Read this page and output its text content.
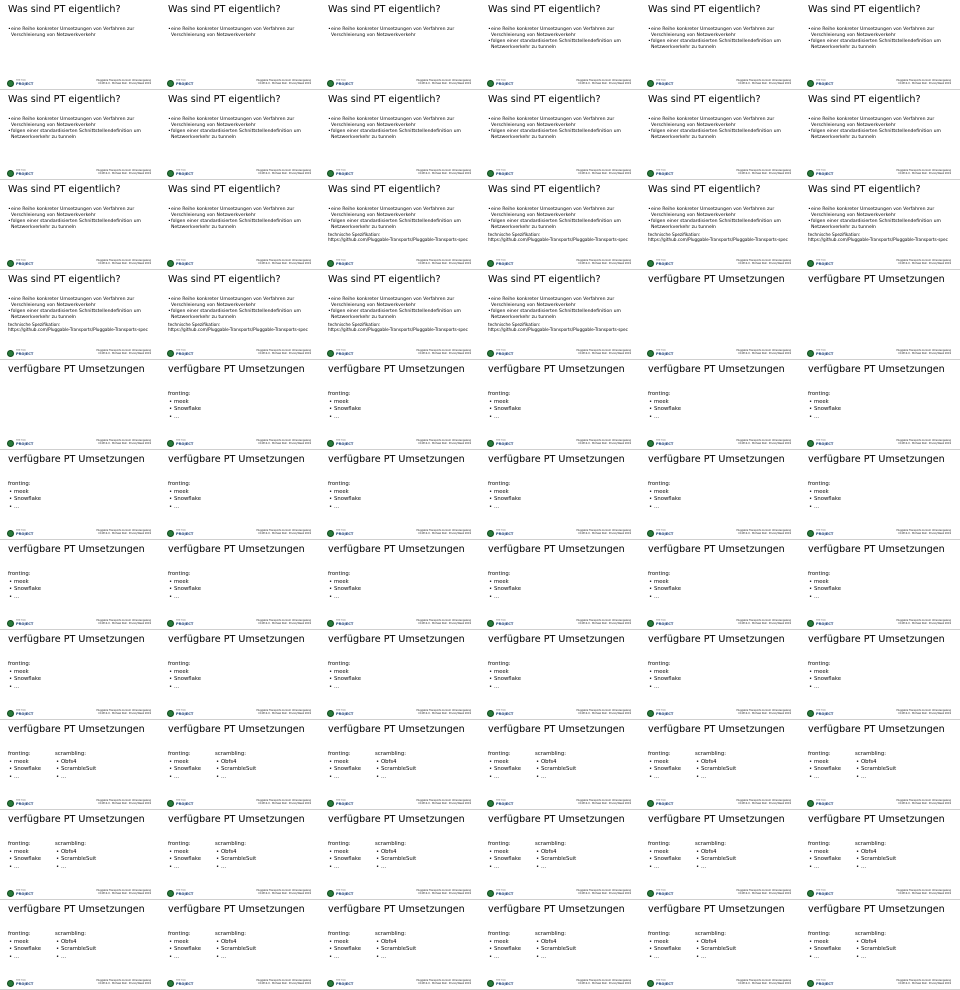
Was sind PT eigentlich?
• eine Reihe konkreter Umsetzungen von Verfahren zur Verschleierung von Netzwerkverkehr
THE TOR
PROJECT
Pluggable Transports kurzum Umsozengeleng
CC-BY-4.0 · Michael Pelz · PrivacyWeek 2019
Was sind PT eigentlich?
• eine Reihe konkreter Umsetzungen von Verfahren zur Verschleierung von Netzwerkverkehr
THE TOR
PROJECT
Pluggable Transports kurzum Umsozengeleng
CC-BY-4.0 · Michael Pelz · PrivacyWeek 2019
Was sind PT eigentlich?
• eine Reihe konkreter Umsetzungen von Verfahren zur Verschleierung von Netzwerkverkehr
THE TOR
PROJECT
Pluggable Transports kurzum Umsozengeleng
CC-BY-4.0 · Michael Pelz · PrivacyWeek 2019
Was sind PT eigentlich?
• eine Reihe konkreter Umsetzungen von Verfahren zur Verschleierung von Netzwerkverkehr
• folgen einer standardisierten Schnittstellendefinition um Netzwerkverkehr zu tunneln
THE TOR
PROJECT
Pluggable Transports kurzum Umsozengeleng
CC-BY-4.0 · Michael Pelz · PrivacyWeek 2019
Was sind PT eigentlich?
• eine Reihe konkreter Umsetzungen von Verfahren zur Verschleierung von Netzwerkverkehr
• folgen einer standardisierten Schnittstellendefinition um Netzwerkverkehr zu tunneln
THE TOR
PROJECT
Pluggable Transports kurzum Umsozengeleng
CC-BY-4.0 · Michael Pelz · PrivacyWeek 2019
Was sind PT eigentlich?
• eine Reihe konkreter Umsetzungen von Verfahren zur Verschleierung von Netzwerkverkehr
• folgen einer standardisierten Schnittstellendefinition um Netzwerkverkehr zu tunneln
THE TOR
PROJECT
Pluggable Transports kurzum Umsozengeleng
CC-BY-4.0 · Michael Pelz · PrivacyWeek 2019
Was sind PT eigentlich?
• eine Reihe konkreter Umsetzungen von Verfahren zur Verschleierung von Netzwerkverkehr
• folgen einer standardisierten Schnittstellendefinition um Netzwerkverkehr zu tunneln
THE TOR
PROJECT
Pluggable Transports kurzum Umsozengeleng
CC-BY-4.0 · Michael Pelz · PrivacyWeek 2019
Was sind PT eigentlich?
• eine Reihe konkreter Umsetzungen von Verfahren zur Verschleierung von Netzwerkverkehr
• folgen einer standardisierten Schnittstellendefinition um Netzwerkverkehr zu tunneln
THE TOR
PROJECT
Pluggable Transports kurzum Umsozengeleng
CC-BY-4.0 · Michael Pelz · PrivacyWeek 2019
Was sind PT eigentlich?
• eine Reihe konkreter Umsetzungen von Verfahren zur Verschleierung von Netzwerkverkehr
• folgen einer standardisierten Schnittstellendefinition um Netzwerkverkehr zu tunneln
THE TOR
PROJECT
Pluggable Transports kurzum Umsozengeleng
CC-BY-4.0 · Michael Pelz · PrivacyWeek 2019
Was sind PT eigentlich?
• eine Reihe konkreter Umsetzungen von Verfahren zur Verschleierung von Netzwerkverkehr
• folgen einer standardisierten Schnittstellendefinition um Netzwerkverkehr zu tunneln
THE TOR
PROJECT
Pluggable Transports kurzum Umsozengeleng
CC-BY-4.0 · Michael Pelz · PrivacyWeek 2019
Was sind PT eigentlich?
• eine Reihe konkreter Umsetzungen von Verfahren zur Verschleierung von Netzwerkverkehr
• folgen einer standardisierten Schnittstellendefinition um Netzwerkverkehr zu tunneln
THE TOR
PROJECT
Pluggable Transports kurzum Umsozengeleng
CC-BY-4.0 · Michael Pelz · PrivacyWeek 2019
Was sind PT eigentlich?
• eine Reihe konkreter Umsetzungen von Verfahren zur Verschleierung von Netzwerkverkehr
• folgen einer standardisierten Schnittstellendefinition um Netzwerkverkehr zu tunneln
THE TOR
PROJECT
Pluggable Transports kurzum Umsozengeleng
CC-BY-4.0 · Michael Pelz · PrivacyWeek 2019
Was sind PT eigentlich?
• eine Reihe konkreter Umsetzungen von Verfahren zur Verschleierung von Netzwerkverkehr
• folgen einer standardisierten Schnittstellendefinition um Netzwerkverkehr zu tunneln
THE TOR
PROJECT
Pluggable Transports kurzum Umsozengeleng
CC-BY-4.0 · Michael Pelz · PrivacyWeek 2019
Was sind PT eigentlich?
• eine Reihe konkreter Umsetzungen von Verfahren zur Verschleierung von Netzwerkverkehr
• folgen einer standardisierten Schnittstellendefinition um Netzwerkverkehr zu tunneln
THE TOR
PROJECT
Pluggable Transports kurzum Umsozengeleng
CC-BY-4.0 · Michael Pelz · PrivacyWeek 2019
Was sind PT eigentlich?
• eine Reihe konkreter Umsetzungen von Verfahren zur Verschleierung von Netzwerkverkehr
• folgen einer standardisierten Schnittstellendefinition um Netzwerkverkehr zu tunneln
technische Spezifikation:
https://github.com/Pluggable-Transports/Pluggable-Transports-spec
THE TOR
PROJECT
Pluggable Transports kurzum Umsozengeleng
CC-BY-4.0 · Michael Pelz · PrivacyWeek 2019
Was sind PT eigentlich?
• eine Reihe konkreter Umsetzungen von Verfahren zur Verschleierung von Netzwerkverkehr
• folgen einer standardisierten Schnittstellendefinition um Netzwerkverkehr zu tunneln
technische Spezifikation:
https://github.com/Pluggable-Transports/Pluggable-Transports-spec
THE TOR
PROJECT
Pluggable Transports kurzum Umsozengeleng
CC-BY-4.0 · Michael Pelz · PrivacyWeek 2019
Was sind PT eigentlich?
• eine Reihe konkreter Umsetzungen von Verfahren zur Verschleierung von Netzwerkverkehr
• folgen einer standardisierten Schnittstellendefinition um Netzwerkverkehr zu tunneln
technische Spezifikation:
https://github.com/Pluggable-Transports/Pluggable-Transports-spec
THE TOR
PROJECT
Pluggable Transports kurzum Umsozengeleng
CC-BY-4.0 · Michael Pelz · PrivacyWeek 2019
Was sind PT eigentlich?
• eine Reihe konkreter Umsetzungen von Verfahren zur Verschleierung von Netzwerkverkehr
• folgen einer standardisierten Schnittstellendefinition um Netzwerkverkehr zu tunneln
technische Spezifikation:
https://github.com/Pluggable-Transports/Pluggable-Transports-spec
THE TOR
PROJECT
Pluggable Transports kurzum Umsozengeleng
CC-BY-4.0 · Michael Pelz · PrivacyWeek 2019
Was sind PT eigentlich?
• eine Reihe konkreter Umsetzungen von Verfahren zur Verschleierung von Netzwerkverkehr
• folgen einer standardisierten Schnittstellendefinition um Netzwerkverkehr zu tunneln
technische Spezifikation:
https://github.com/Pluggable-Transports/Pluggable-Transports-spec
THE TOR
PROJECT
Pluggable Transports kurzum Umsozengeleng
CC-BY-4.0 · Michael Pelz · PrivacyWeek 2019
Was sind PT eigentlich?
• eine Reihe konkreter Umsetzungen von Verfahren zur Verschleierung von Netzwerkverkehr
• folgen einer standardisierten Schnittstellendefinition um Netzwerkverkehr zu tunneln
technische Spezifikation:
https://github.com/Pluggable-Transports/Pluggable-Transports-spec
THE TOR
PROJECT
Pluggable Transports kurzum Umsozengeleng
CC-BY-4.0 · Michael Pelz · PrivacyWeek 2019
Was sind PT eigentlich?
• eine Reihe konkreter Umsetzungen von Verfahren zur Verschleierung von Netzwerkverkehr
• folgen einer standardisierten Schnittstellendefinition um Netzwerkverkehr zu tunneln
technische Spezifikation:
https://github.com/Pluggable-Transports/Pluggable-Transports-spec
THE TOR
PROJECT
Pluggable Transports kurzum Umsozengeleng
CC-BY-4.0 · Michael Pelz · PrivacyWeek 2019
Was sind PT eigentlich?
• eine Reihe konkreter Umsetzungen von Verfahren zur Verschleierung von Netzwerkverkehr
• folgen einer standardisierten Schnittstellendefinition um Netzwerkverkehr zu tunneln
technische Spezifikation:
https://github.com/Pluggable-Transports/Pluggable-Transports-spec
THE TOR
PROJECT
Pluggable Transports kurzum Umsozengeleng
CC-BY-4.0 · Michael Pelz · PrivacyWeek 2019
verfügbare PT Umsetzungen
THE TOR
PROJECT
Pluggable Transports kurzum Umsozengeleng
CC-BY-4.0 · Michael Pelz · PrivacyWeek 2019
verfügbare PT Umsetzungen
THE TOR
PROJECT
Pluggable Transports kurzum Umsozengeleng
CC-BY-4.0 · Michael Pelz · PrivacyWeek 2019
verfügbare PT Umsetzungen
THE TOR
PROJECT
Pluggable Transports kurzum Umsozengeleng
CC-BY-4.0 · Michael Pelz · PrivacyWeek 2019
verfügbare PT Umsetzungen
fronting:
• meek
• Snowflake
• ...
THE TOR
PROJECT
Pluggable Transports kurzum Umsozengeleng
CC-BY-4.0 · Michael Pelz · PrivacyWeek 2019
verfügbare PT Umsetzungen
fronting:
• meek
• Snowflake
• ...
THE TOR
PROJECT
Pluggable Transports kurzum Umsozengeleng
CC-BY-4.0 · Michael Pelz · PrivacyWeek 2019
verfügbare PT Umsetzungen
fronting:
• meek
• Snowflake
• ...
THE TOR
PROJECT
Pluggable Transports kurzum Umsozengeleng
CC-BY-4.0 · Michael Pelz · PrivacyWeek 2019
verfügbare PT Umsetzungen
fronting:
• meek
• Snowflake
• ...
THE TOR
PROJECT
Pluggable Transports kurzum Umsozengeleng
CC-BY-4.0 · Michael Pelz · PrivacyWeek 2019
verfügbare PT Umsetzungen
fronting:
• meek
• Snowflake
• ...
THE TOR
PROJECT
Pluggable Transports kurzum Umsozengeleng
CC-BY-4.0 · Michael Pelz · PrivacyWeek 2019
verfügbare PT Umsetzungen
fronting:
• meek
• Snowflake
• ...
THE TOR
PROJECT
Pluggable Transports kurzum Umsozengeleng
CC-BY-4.0 · Michael Pelz · PrivacyWeek 2019
verfügbare PT Umsetzungen
fronting:
• meek
• Snowflake
• ...
THE TOR
PROJECT
Pluggable Transports kurzum Umsozengeleng
CC-BY-4.0 · Michael Pelz · PrivacyWeek 2019
verfügbare PT Umsetzungen
fronting:
• meek
• Snowflake
• ...
THE TOR
PROJECT
Pluggable Transports kurzum Umsozengeleng
CC-BY-4.0 · Michael Pelz · PrivacyWeek 2019
verfügbare PT Umsetzungen
fronting:
• meek
• Snowflake
• ...
THE TOR
PROJECT
Pluggable Transports kurzum Umsozengeleng
CC-BY-4.0 · Michael Pelz · PrivacyWeek 2019
verfügbare PT Umsetzungen
fronting:
• meek
• Snowflake
• ...
THE TOR
PROJECT
Pluggable Transports kurzum Umsozengeleng
CC-BY-4.0 · Michael Pelz · PrivacyWeek 2019
verfügbare PT Umsetzungen
fronting:
• meek
• Snowflake
• ...
THE TOR
PROJECT
Pluggable Transports kurzum Umsozengeleng
CC-BY-4.0 · Michael Pelz · PrivacyWeek 2019
verfügbare PT Umsetzungen
fronting:
• meek
• Snowflake
• ...
THE TOR
PROJECT
Pluggable Transports kurzum Umsozengeleng
CC-BY-4.0 · Michael Pelz · PrivacyWeek 2019
verfügbare PT Umsetzungen
fronting:
• meek
• Snowflake
• ...
THE TOR
PROJECT
Pluggable Transports kurzum Umsozengeleng
CC-BY-4.0 · Michael Pelz · PrivacyWeek 2019
verfügbare PT Umsetzungen
fronting:
• meek
• Snowflake
• ...
THE TOR
PROJECT
Pluggable Transports kurzum Umsozengeleng
CC-BY-4.0 · Michael Pelz · PrivacyWeek 2019
verfügbare PT Umsetzungen
fronting:
• meek
• Snowflake
• ...
THE TOR
PROJECT
Pluggable Transports kurzum Umsozengeleng
CC-BY-4.0 · Michael Pelz · PrivacyWeek 2019
verfügbare PT Umsetzungen
fronting:
• meek
• Snowflake
• ...
THE TOR
PROJECT
Pluggable Transports kurzum Umsozengeleng
CC-BY-4.0 · Michael Pelz · PrivacyWeek 2019
verfügbare PT Umsetzungen
fronting:
• meek
• Snowflake
• ...
THE TOR
PROJECT
Pluggable Transports kurzum Umsozengeleng
CC-BY-4.0 · Michael Pelz · PrivacyWeek 2019
verfügbare PT Umsetzungen
fronting:
• meek
• Snowflake
• ...
THE TOR
PROJECT
Pluggable Transports kurzum Umsozengeleng
CC-BY-4.0 · Michael Pelz · PrivacyWeek 2019
verfügbare PT Umsetzungen
fronting:
• meek
• Snowflake
• ...
THE TOR
PROJECT
Pluggable Transports kurzum Umsozengeleng
CC-BY-4.0 · Michael Pelz · PrivacyWeek 2019
verfügbare PT Umsetzungen
fronting:
• meek
• Snowflake
• ...
THE TOR
PROJECT
Pluggable Transports kurzum Umsozengeleng
CC-BY-4.0 · Michael Pelz · PrivacyWeek 2019
verfügbare PT Umsetzungen
fronting:
• meek
• Snowflake
• ...
THE TOR
PROJECT
Pluggable Transports kurzum Umsozengeleng
CC-BY-4.0 · Michael Pelz · PrivacyWeek 2019
verfügbare PT Umsetzungen
fronting:
• meek
• Snowflake
• ...
THE TOR
PROJECT
Pluggable Transports kurzum Umsozengeleng
CC-BY-4.0 · Michael Pelz · PrivacyWeek 2019
verfügbare PT Umsetzungen
fronting:
• meek
• Snowflake
• ...
THE TOR
PROJECT
Pluggable Transports kurzum Umsozengeleng
CC-BY-4.0 · Michael Pelz · PrivacyWeek 2019
verfügbare PT Umsetzungen
fronting:
• meek
• Snowflake
• ...
scrambling:
• Obfs4
• ScrambleSuit
• ...
THE TOR
PROJECT
Pluggable Transports kurzum Umsozengeleng
CC-BY-4.0 · Michael Pelz · PrivacyWeek 2019
verfügbare PT Umsetzungen
fronting:
• meek
• Snowflake
• ...
scrambling:
• Obfs4
• ScrambleSuit
• ...
THE TOR
PROJECT
Pluggable Transports kurzum Umsozengeleng
CC-BY-4.0 · Michael Pelz · PrivacyWeek 2019
verfügbare PT Umsetzungen
fronting:
• meek
• Snowflake
• ...
scrambling:
• Obfs4
• ScrambleSuit
• ...
THE TOR
PROJECT
Pluggable Transports kurzum Umsozengeleng
CC-BY-4.0 · Michael Pelz · PrivacyWeek 2019
verfügbare PT Umsetzungen
fronting:
• meek
• Snowflake
• ...
scrambling:
• Obfs4
• ScrambleSuit
• ...
THE TOR
PROJECT
Pluggable Transports kurzum Umsozengeleng
CC-BY-4.0 · Michael Pelz · PrivacyWeek 2019
verfügbare PT Umsetzungen
fronting:
• meek
• Snowflake
• ...
scrambling:
• Obfs4
• ScrambleSuit
• ...
THE TOR
PROJECT
Pluggable Transports kurzum Umsozengeleng
CC-BY-4.0 · Michael Pelz · PrivacyWeek 2019
verfügbare PT Umsetzungen
fronting:
• meek
• Snowflake
• ...
scrambling:
• Obfs4
• ScrambleSuit
• ...
THE TOR
PROJECT
Pluggable Transports kurzum Umsozengeleng
CC-BY-4.0 · Michael Pelz · PrivacyWeek 2019
verfügbare PT Umsetzungen
fronting:
• meek
• Snowflake
• ...
scrambling:
• Obfs4
• ScrambleSuit
• ...
THE TOR
PROJECT
Pluggable Transports kurzum Umsozengeleng
CC-BY-4.0 · Michael Pelz · PrivacyWeek 2019
verfügbare PT Umsetzungen
fronting:
• meek
• Snowflake
• ...
scrambling:
• Obfs4
• ScrambleSuit
• ...
THE TOR
PROJECT
Pluggable Transports kurzum Umsozengeleng
CC-BY-4.0 · Michael Pelz · PrivacyWeek 2019
verfügbare PT Umsetzungen
fronting:
• meek
• Snowflake
• ...
scrambling:
• Obfs4
• ScrambleSuit
• ...
THE TOR
PROJECT
Pluggable Transports kurzum Umsozengeleng
CC-BY-4.0 · Michael Pelz · PrivacyWeek 2019
verfügbare PT Umsetzungen
fronting:
• meek
• Snowflake
• ...
scrambling:
• Obfs4
• ScrambleSuit
• ...
THE TOR
PROJECT
Pluggable Transports kurzum Umsozengeleng
CC-BY-4.0 · Michael Pelz · PrivacyWeek 2019
verfügbare PT Umsetzungen
fronting:
• meek
• Snowflake
• ...
scrambling:
• Obfs4
• ScrambleSuit
• ...
THE TOR
PROJECT
Pluggable Transports kurzum Umsozengeleng
CC-BY-4.0 · Michael Pelz · PrivacyWeek 2019
verfügbare PT Umsetzungen
fronting:
• meek
• Snowflake
• ...
scrambling:
• Obfs4
• ScrambleSuit
• ...
THE TOR
PROJECT
Pluggable Transports kurzum Umsozengeleng
CC-BY-4.0 · Michael Pelz · PrivacyWeek 2019
verfügbare PT Umsetzungen
fronting:
• meek
• Snowflake
• ...
scrambling:
• Obfs4
• ScrambleSuit
• ...
THE TOR
PROJECT
Pluggable Transports kurzum Umsozengeleng
CC-BY-4.0 · Michael Pelz · PrivacyWeek 2019
verfügbare PT Umsetzungen
fronting:
• meek
• Snowflake
• ...
scrambling:
• Obfs4
• ScrambleSuit
• ...
THE TOR
PROJECT
Pluggable Transports kurzum Umsozengeleng
CC-BY-4.0 · Michael Pelz · PrivacyWeek 2019
verfügbare PT Umsetzungen
fronting:
• meek
• Snowflake
• ...
scrambling:
• Obfs4
• ScrambleSuit
• ...
THE TOR
PROJECT
Pluggable Transports kurzum Umsozengeleng
CC-BY-4.0 · Michael Pelz · PrivacyWeek 2019
verfügbare PT Umsetzungen
fronting:
• meek
• Snowflake
• ...
scrambling:
• Obfs4
• ScrambleSuit
• ...
THE TOR
PROJECT
Pluggable Transports kurzum Umsozengeleng
CC-BY-4.0 · Michael Pelz · PrivacyWeek 2019
verfügbare PT Umsetzungen
fronting:
• meek
• Snowflake
• ...
scrambling:
• Obfs4
• ScrambleSuit
• ...
THE TOR
PROJECT
Pluggable Transports kurzum Umsozengeleng
CC-BY-4.0 · Michael Pelz · PrivacyWeek 2019
verfügbare PT Umsetzungen
fronting:
• meek
• Snowflake
• ...
scrambling:
• Obfs4
• ScrambleSuit
• ...
THE TOR
PROJECT
Pluggable Transports kurzum Umsozengeleng
CC-BY-4.0 · Michael Pelz · PrivacyWeek 2019
